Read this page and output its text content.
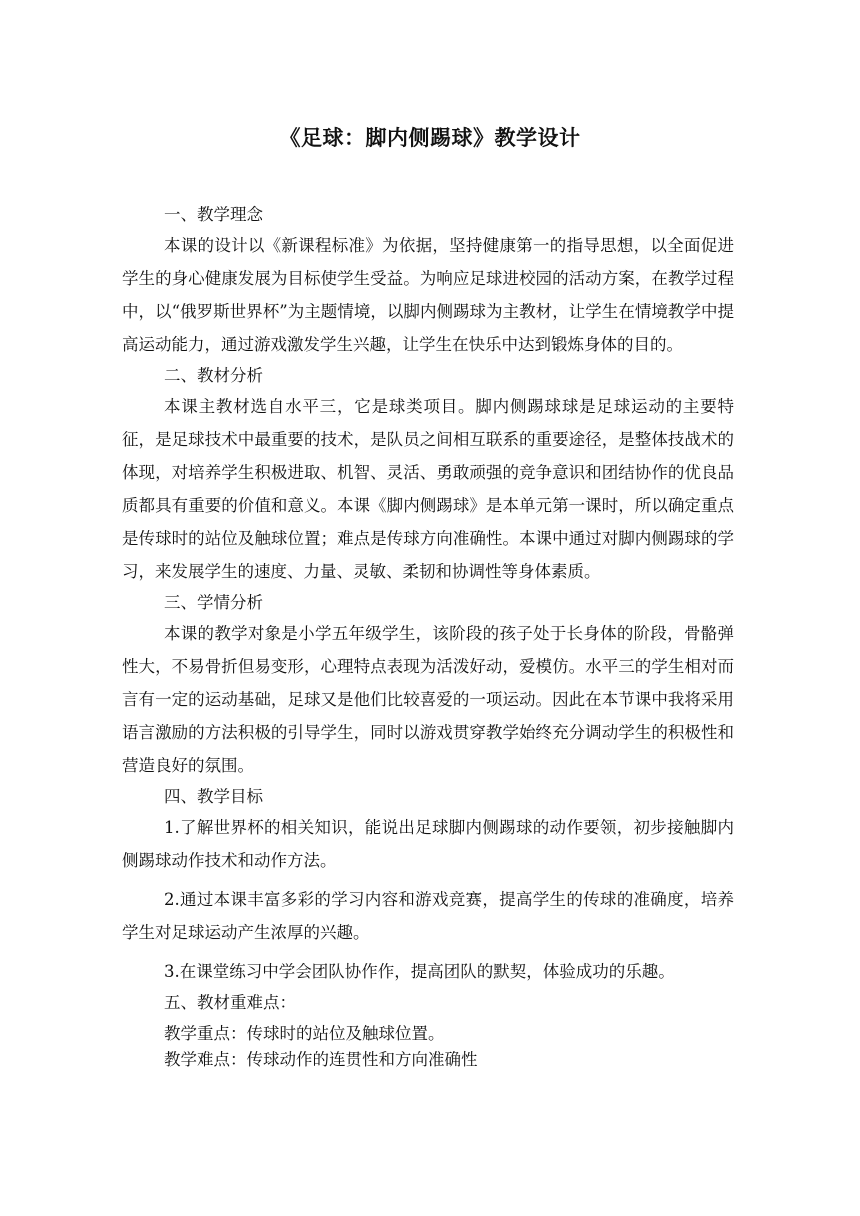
《足球：脚内侧踢球》教学设计
一、教学理念

本课的设计以《新课程标准》为依据，坚持健康第一的指导思想，以全面促进学生的身心健康发展为目标使学生受益。为响应足球进校园的活动方案，在教学过程中，以“俄罗斯世界杯”为主题情境，以脚内侧踢球为主教材，让学生在情境教学中提高运动能力，通过游戏激发学生兴趣，让学生在快乐中达到锻炼身体的目的。

二、教材分析

本课主教材选自水平三，它是球类项目。脚内侧踢球球是足球运动的主要特征，是足球技术中最重要的技术，是队员之间相互联系的重要途径，是整体技战术的体现，对培养学生积极进取、机智、灵活、勇敢顽强的竞争意识和团结协作的优良品质都具有重要的价值和意义。本课《脚内侧踢球》是本单元第一课时，所以确定重点是传球时的站位及触球位置；难点是传球方向准确性。本课中通过对脚内侧踢球的学习，来发展学生的速度、力量、灵敏、柔韧和协调性等身体素质。

三、学情分析

本课的教学对象是小学五年级学生，该阶段的孩子处于长身体的阶段，骨骼弹性大，不易骨折但易变形，心理特点表现为活泼好动，爱模仿。水平三的学生相对而言有一定的运动基础，足球又是他们比较喜爱的一项运动。因此在本节课中我将采用语言激励的方法积极的引导学生，同时以游戏贯穿教学始终充分调动学生的积极性和营造良好的氛围。

四、教学目标

1.了解世界杯的相关知识，能说出足球脚内侧踢球的动作要领，初步接触脚内侧踢球动作技术和动作方法。

2.通过本课丰富多彩的学习内容和游戏竞赛，提高学生的传球的准确度，培养学生对足球运动产生浓厚的兴趣。

3.在课堂练习中学会团队协作作，提高团队的默契，体验成功的乐趣。

五、教材重难点：
教学重点：传球时的站位及触球位置。
教学难点：传球动作的连贯性和方向准确性
